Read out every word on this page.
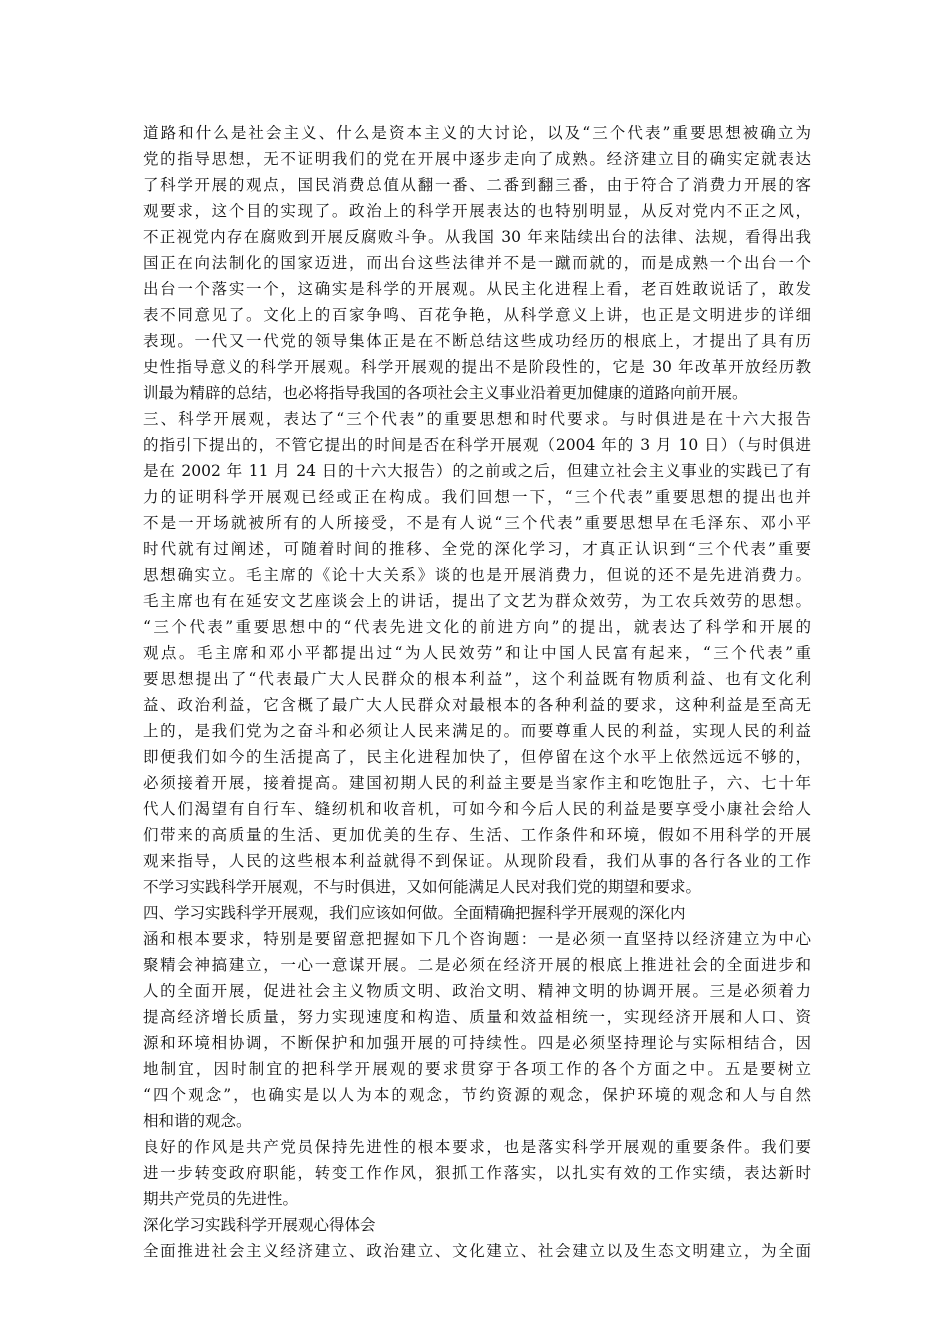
道路和什么是社会主义、什么是资本主义的大讨论，以及“三个代表”重要思想被确立为
党的指导思想，无不证明我们的党在开展中逐步走向了成熟。经济建立目的确实定就表达
了科学开展的观点，国民消费总值从翻一番、二番到翻三番，由于符合了消费力开展的客
观要求，这个目的实现了。政治上的科学开展表达的也特别明显，从反对党内不正之风，
不正视党内存在腐败到开展反腐败斗争。从我国 30 年来陆续出台的法律、法规，看得出我
国正在向法制化的国家迈进，而出台这些法律并不是一蹴而就的，而是成熟一个出台一个
出台一个落实一个，这确实是科学的开展观。从民主化进程上看，老百姓敢说话了，敢发
表不同意见了。文化上的百家争鸣、百花争艳，从科学意义上讲，也正是文明进步的详细
表现。一代又一代党的领导集体正是在不断总结这些成功经历的根底上，才提出了具有历
史性指导意义的科学开展观。科学开展观的提出不是阶段性的，它是 30 年改革开放经历教
训最为精辟的总结，也必将指导我国的各项社会主义事业沿着更加健康的道路向前开展。
三、科学开展观，表达了“三个代表”的重要思想和时代要求。与时俱进是在十六大报告
的指引下提出的，不管它提出的时间是否在科学开展观（2004 年的 3 月 10 日）（与时俱进
是在 2002 年 11 月 24 日的十六大报告）的之前或之后，但建立社会主义事业的实践已了有
力的证明科学开展观已经或正在构成。我们回想一下，“三个代表”重要思想的提出也并
不是一开场就被所有的人所接受，不是有人说“三个代表”重要思想早在毛泽东、邓小平
时代就有过阐述，可随着时间的推移、全党的深化学习，才真正认识到“三个代表”重要
思想确实立。毛主席的《论十大关系》谈的也是开展消费力，但说的还不是先进消费力。
毛主席也有在延安文艺座谈会上的讲话，提出了文艺为群众效劳，为工农兵效劳的思想。
“三个代表”重要思想中的“代表先进文化的前进方向”的提出，就表达了科学和开展的
观点。毛主席和邓小平都提出过“为人民效劳”和让中国人民富有起来，“三个代表”重
要思想提出了“代表最广大人民群众的根本利益”，这个利益既有物质利益、也有文化利
益、政治利益，它含概了最广大人民群众对最根本的各种利益的要求，这种利益是至高无
上的，是我们党为之奋斗和必须让人民来满足的。而要尊重人民的利益，实现人民的利益
即便我们如今的生活提高了，民主化进程加快了，但停留在这个水平上依然远远不够的，
必须接着开展，接着提高。建国初期人民的利益主要是当家作主和吃饱肚子，六、七十年
代人们渴望有自行车、缝纫机和收音机，可如今和今后人民的利益是要享受小康社会给人
们带来的高质量的生活、更加优美的生存、生活、工作条件和环境，假如不用科学的开展
观来指导，人民的这些根本利益就得不到保证。从现阶段看，我们从事的各行各业的工作
不学习实践科学开展观，不与时俱进，又如何能满足人民对我们党的期望和要求。
四、学习实践科学开展观，我们应该如何做。全面精确把握科学开展观的深化内
涵和根本要求，特别是要留意把握如下几个咨询题：一是必须一直坚持以经济建立为中心
聚精会神搞建立，一心一意谋开展。二是必须在经济开展的根底上推进社会的全面进步和
人的全面开展，促进社会主义物质文明、政治文明、精神文明的协调开展。三是必须着力
提高经济增长质量，努力实现速度和构造、质量和效益相统一，实现经济开展和人口、资
源和环境相协调，不断保护和加强开展的可持续性。四是必须坚持理论与实际相结合，因
地制宜，因时制宜的把科学开展观的要求贯穿于各项工作的各个方面之中。五是要树立
“四个观念”，也确实是以人为本的观念，节约资源的观念，保护环境的观念和人与自然
相和谐的观念。
良好的作风是共产党员保持先进性的根本要求，也是落实科学开展观的重要条件。我们要
进一步转变政府职能，转变工作作风，狠抓工作落实，以扎实有效的工作实绩，表达新时
期共产党员的先进性。
深化学习实践科学开展观心得体会
全面推进社会主义经济建立、政治建立、文化建立、社会建立以及生态文明建立，为全面
